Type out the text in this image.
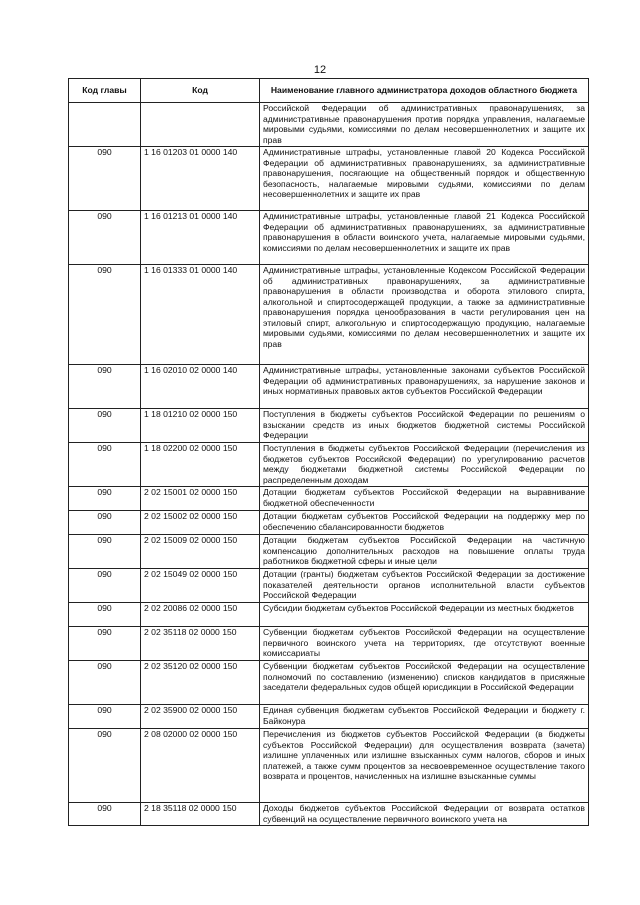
12
Код главы	Код	Наименование главного администратора доходов областного бюджета
		Российской Федерации об административных правонарушениях, за административные правонарушения против порядка управления, налагаемые мировыми судьями, комиссиями по делам несовершеннолетних и защите их прав
090	1 16 01203 01 0000 140	Административные штрафы, установленные главой 20 Кодекса Российской Федерации об административных правонарушениях, за административные правонарушения, посягающие на общественный порядок и общественную безопасность, налагаемые мировыми судьями, комиссиями по делам несовершеннолетних и защите их прав
090	1 16 01213 01 0000 140	Административные штрафы, установленные главой 21 Кодекса Российской Федерации об административных правонарушениях, за административные правонарушения в области воинского учета, налагаемые мировыми судьями, комиссиями по делам несовершеннолетних и защите их прав
090	1 16 01333 01 0000 140	Административные штрафы, установленные Кодексом Российской Федерации об административных правонарушениях, за административные правонарушения в области производства и оборота этилового спирта, алкогольной и спиртосодержащей продукции, а также за административные правонарушения порядка ценообразования в части регулирования цен на этиловый спирт, алкогольную и спиртосодержащую продукцию, налагаемые мировыми судьями, комиссиями по делам несовершеннолетних и защите их прав
090	1 16 02010 02 0000 140	Административные штрафы, установленные законами субъектов Российской Федерации об административных правонарушениях, за нарушение законов и иных нормативных правовых актов субъектов Российской Федерации
090	1 18 01210 02 0000 150	Поступления в бюджеты субъектов Российской Федерации по решениям о взыскании средств из иных бюджетов бюджетной системы Российской Федерации
090	1 18 02200 02 0000 150	Поступления в бюджеты субъектов Российской Федерации (перечисления из бюджетов субъектов Российской Федерации) по урегулированию расчетов между бюджетами бюджетной системы Российской Федерации по распределенным доходам
090	2 02 15001 02 0000 150	Дотации бюджетам субъектов Российской Федерации на выравнивание бюджетной обеспеченности
090	2 02 15002 02 0000 150	Дотации бюджетам субъектов Российской Федерации на поддержку мер по обеспечению сбалансированности бюджетов
090	2 02 15009 02 0000 150	Дотации бюджетам субъектов Российской Федерации на частичную компенсацию дополнительных расходов на повышение оплаты труда работников бюджетной сферы и иные цели
090	2 02 15049 02 0000 150	Дотации (гранты) бюджетам субъектов Российской Федерации за достижение показателей деятельности органов исполнительной власти субъектов Российской Федерации
090	2 02 20086 02 0000 150	Субсидии бюджетам субъектов Российской Федерации из местных бюджетов
090	2 02 35118 02 0000 150	Субвенции бюджетам субъектов Российской Федерации на осуществление первичного воинского учета на территориях, где отсутствуют военные комиссариаты
090	2 02 35120 02 0000 150	Субвенции бюджетам субъектов Российской Федерации на осуществление полномочий по составлению (изменению) списков кандидатов в присяжные заседатели федеральных судов общей юрисдикции в Российской Федерации
090	2 02 35900 02 0000 150	Единая субвенция бюджетам субъектов Российской Федерации и бюджету г. Байконура
090	2 08 02000 02 0000 150	Перечисления из бюджетов субъектов Российской Федерации (в бюджеты субъектов Российской Федерации) для осуществления возврата (зачета) излишне уплаченных или излишне взысканных сумм налогов, сборов и иных платежей, а также сумм процентов за несвоевременное осуществление такого возврата и процентов, начисленных на излишне взысканные суммы
090	2 18 35118 02 0000 150	Доходы бюджетов субъектов Российской Федерации от возврата остатков субвенций на осуществление первичного воинского учета на
